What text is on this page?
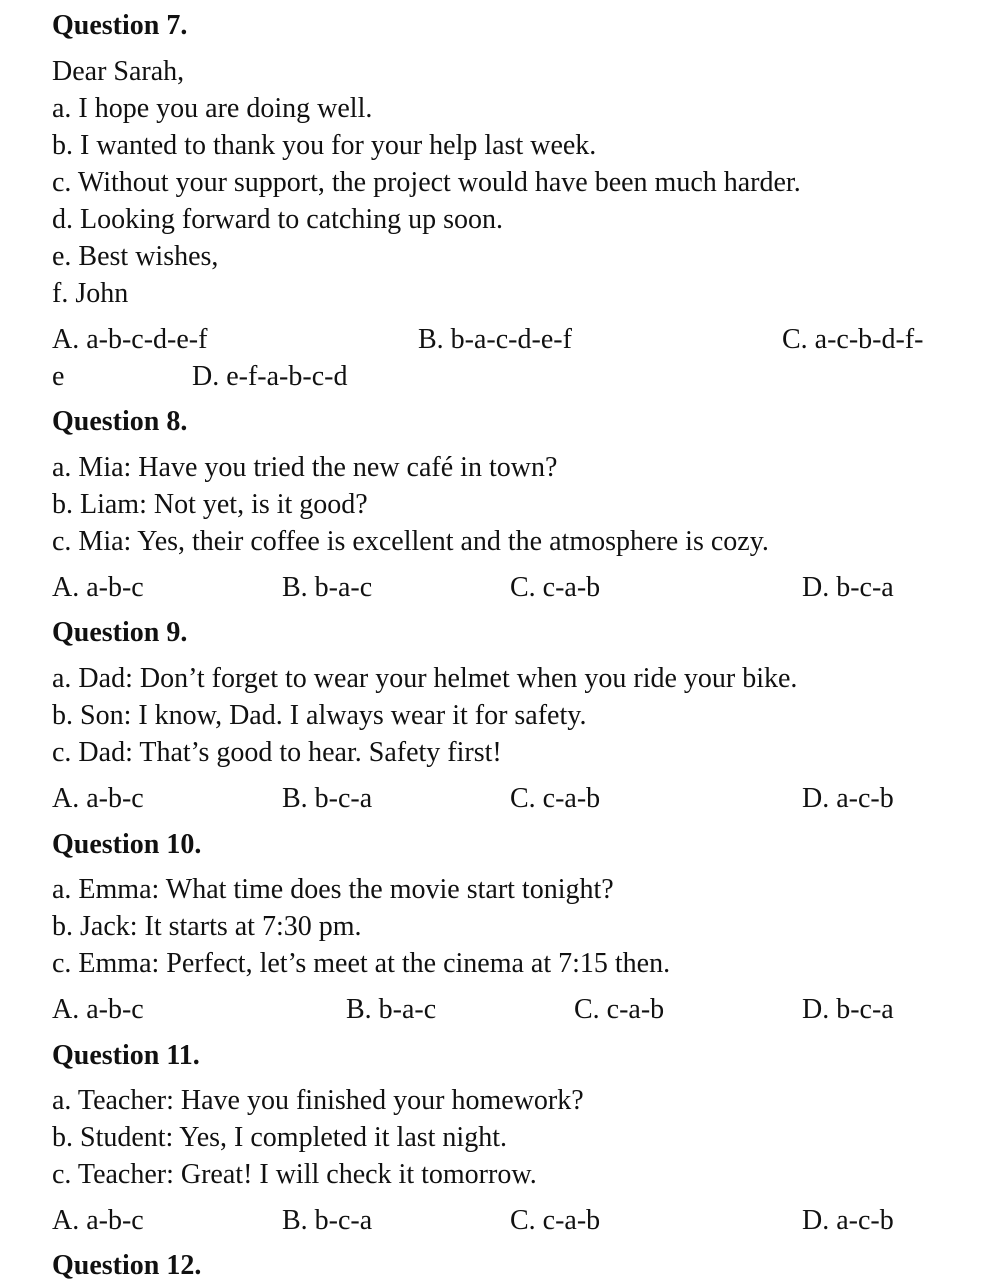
Question 7.
Dear Sarah,
a. I hope you are doing well.
b. I wanted to thank you for your help last week.
c. Without your support, the project would have been much harder.
d. Looking forward to catching up soon.
e. Best wishes,
f. John
A. a-b-c-d-e-f	B. b-a-c-d-e-f	C. a-c-b-d-f-
e	D. e-f-a-b-c-d
Question 8.
a. Mia: Have you tried the new café in town?
b. Liam: Not yet, is it good?
c. Mia: Yes, their coffee is excellent and the atmosphere is cozy.
A. a-b-c	B. b-a-c	C. c-a-b	D. b-c-a
Question 9.
a. Dad: Don’t forget to wear your helmet when you ride your bike.
b. Son: I know, Dad. I always wear it for safety.
c. Dad: That’s good to hear. Safety first!
A. a-b-c	B. b-c-a	C. c-a-b	D. a-c-b
Question 10.
a. Emma: What time does the movie start tonight?
b. Jack: It starts at 7:30 pm.
c. Emma: Perfect, let’s meet at the cinema at 7:15 then.
A. a-b-c	B. b-a-c	C. c-a-b	D. b-c-a
Question 11.
a. Teacher: Have you finished your homework?
b. Student: Yes, I completed it last night.
c. Teacher: Great! I will check it tomorrow.
A. a-b-c	B. b-c-a	C. c-a-b	D. a-c-b
Question 12.
